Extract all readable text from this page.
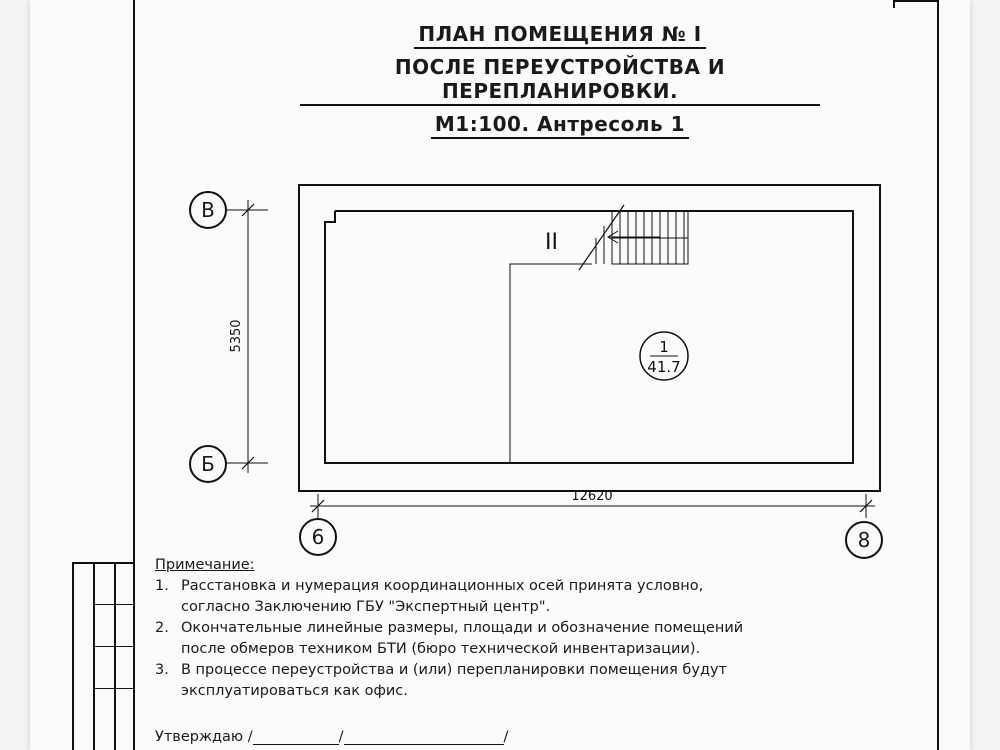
ПЛАН ПОМЕЩЕНИЯ № I
ПОСЛЕ ПЕРЕУСТРОЙСТВА И ПЕРЕПЛАНИРОВКИ.
М1:100. Антресоль 1
II
1
41.7
5350
12620
В
Б
6	8
Примечание:
1. Расстановка и нумерация координационных осей принята условно,
согласно Заключению ГБУ "Экспертный центр".
2. Окончательные линейные размеры, площади и обозначение помещений
после обмеров техником БТИ (бюро технической инвентаризации).
3. В процессе переустройства и (или) перепланировки помещения будут
эксплуатироваться как офис.
Утверждаю /	/	/
